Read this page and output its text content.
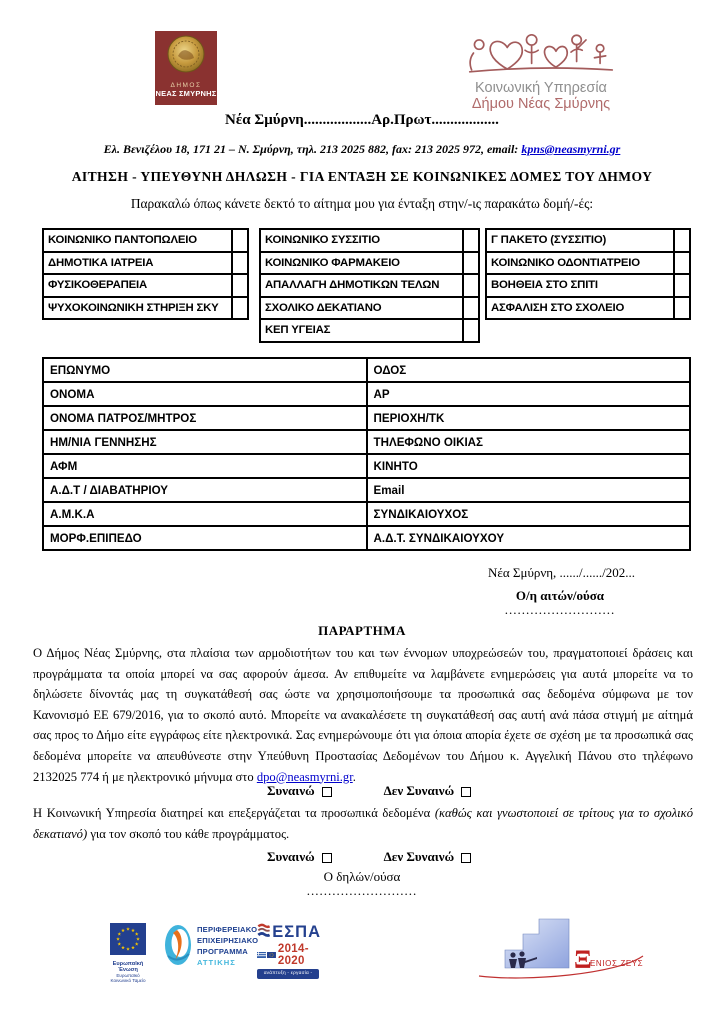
ΔΗΜΟΣ
ΝΕΑΣ ΣΜΥΡΝΗΣ	Κοινωνική Υπηρεσία
Δήμου Νέας Σμύρνης
Νέα Σμύρνη..................Αρ.Πρωτ..................
Ελ. Βενιζέλου 18, 171 21 – Ν. Σμύρνη, τηλ. 213 2025 882, fax: 213 2025 972, email: kpns@neasmyrni.gr
ΑΙΤΗΣΗ - ΥΠΕΥΘΥΝΗ ΔΗΛΩΣΗ - ΓΙΑ ΕΝΤΑΞΗ ΣΕ ΚΟΙΝΩΝΙΚΕΣ ΔΟΜΕΣ ΤΟΥ ΔΗΜΟΥ
Παρακαλώ όπως κάνετε δεκτό το αίτημα μου για ένταξη στην/-ις παρακάτω δομή/-ές:
ΚΟΙΝΩΝΙΚΟ ΠΑΝΤΟΠΩΛΕΙΟ	
ΔΗΜΟΤΙΚΑ ΙΑΤΡΕΙΑ	
ΦΥΣΙΚΟΘΕΡΑΠΕΙΑ	
ΨΥΧΟΚΟΙΝΩΝΙΚΗ ΣΤΗΡΙΞΗ ΣΚΥ	
ΚΟΙΝΩΝΙΚΟ ΣΥΣΣΙΤΙΟ	
ΚΟΙΝΩΝΙΚΟ ΦΑΡΜΑΚΕΙΟ	
ΑΠΑΛΛΑΓΗ ΔΗΜΟΤΙΚΩΝ ΤΕΛΩΝ	
ΣΧΟΛΙΚΟ ΔΕΚΑΤΙΑΝΟ	
ΚΕΠ ΥΓΕΙΑΣ	
Γ ΠΑΚΕΤΟ (ΣΥΣΣΙΤΙΟ)	
ΚΟΙΝΩΝΙΚΟ ΟΔΟΝΤΙΑΤΡΕΙΟ	
ΒΟΗΘΕΙΑ ΣΤΟ ΣΠΙΤΙ	
ΑΣΦΑΛΙΣΗ ΣΤΟ ΣΧΟΛΕΙΟ	
ΕΠΩΝΥΜΟ	ΟΔΟΣ
ΟΝΟΜΑ	ΑΡ
ΟΝΟΜΑ ΠΑΤΡΟΣ/ΜΗΤΡΟΣ	ΠΕΡΙΟΧΗ/ΤΚ
ΗΜ/ΝΙΑ ΓΕΝΝΗΣΗΣ	ΤΗΛΕΦΩΝΟ ΟΙΚΙΑΣ
ΑΦΜ	ΚΙΝΗΤΟ
Α.Δ.Τ / ΔΙΑΒΑΤΗΡΙΟΥ	Email
Α.Μ.Κ.Α	ΣΥΝΔΙΚΑΙΟΥΧΟΣ
ΜΟΡΦ.ΕΠΙΠΕΔΟ	Α.Δ.Τ. ΣΥΝΔΙΚΑΙΟΥΧΟΥ
Νέα Σμύρνη, ....../....../202...
Ο/η αιτών/ούσα
..........................
ΠΑΡΑΡΤΗΜΑ
Ο Δήμος Νέας Σμύρνης, στα πλαίσια των αρμοδιοτήτων του και των έννομων υποχρεώσεών του, πραγματοποιεί δράσεις και προγράμματα τα οποία μπορεί να σας αφορούν άμεσα. Αν επιθυμείτε να λαμβάνετε ενημερώσεις για αυτά μπορείτε να το δηλώσετε δίνοντάς μας τη συγκατάθεσή σας ώστε να χρησιμοποιήσουμε τα προσωπικά σας δεδομένα σύμφωνα με τον Κανονισμό ΕΕ 679/2016, για το σκοπό αυτό. Μπορείτε να ανακαλέσετε τη συγκατάθεσή σας αυτή ανά πάσα στιγμή με αίτημά σας προς το Δήμο είτε εγγράφως είτε ηλεκτρονικά. Σας ενημερώνουμε ότι για όποια απορία έχετε σε σχέση με τα προσωπικά σας δεδομένα μπορείτε να απευθύνεστε στην Υπεύθυνη Προστασίας Δεδομένων του Δήμου κ. Αγγελική Πάνου στο τηλέφωνο 2132025 774 ή με ηλεκτρονικό μήνυμα στο dpo@neasmyrni.gr.
Συναινώ	Δεν Συναινώ
Η Κοινωνική Υπηρεσία διατηρεί και επεξεργάζεται τα προσωπικά δεδομένα (καθώς και γνωστοποιεί σε τρίτους για το σχολικό δεκατιανό) για τον σκοπό του κάθε προγράμματος.
Συναινώ	Δεν Συναινώ
Ο δηλών/ούσα
..........................
Ευρωπαϊκή Ένωση
Ευρωπαϊκό Κοινωνικό Ταμείο
ΠΕΡΙΦΕΡΕΙΑΚΟ
ΕΠΙΧΕΙΡΗΣΙΑΚΟ
ΠΡΟΓΡΑΜΜΑ
ΑΤΤΙΚΗΣ
ΕΣΠΑ
2014-2020
ανάπτυξη - εργασία - αλληλεγγύη
Ξ
ΕΝΙΟΣ ΖΕΥΣ
